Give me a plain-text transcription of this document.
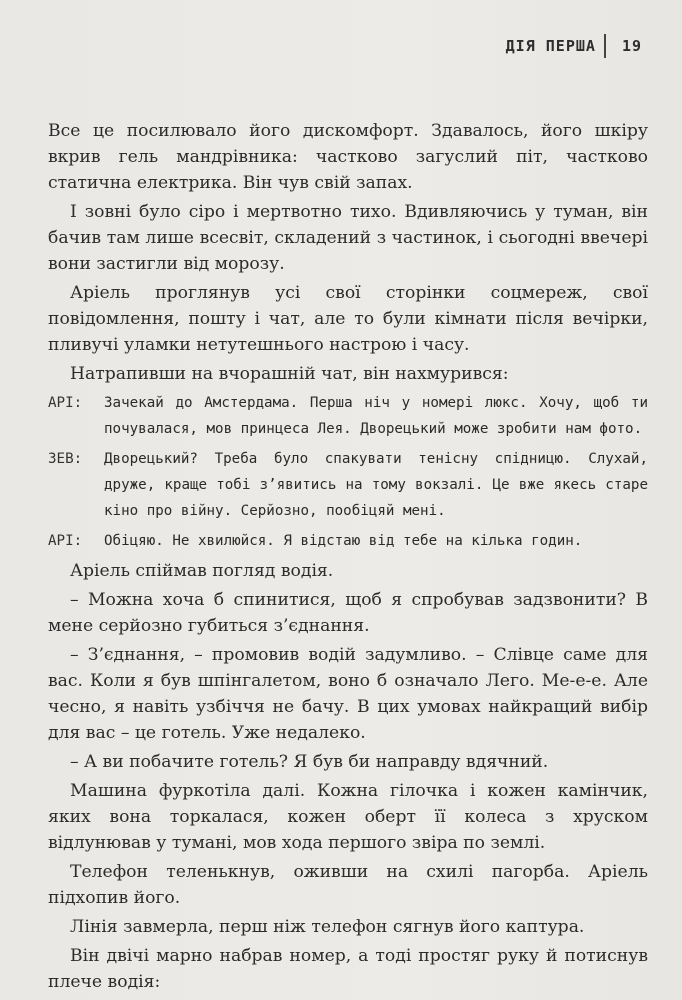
ДІЯ ПЕРША 19

Все це посилювало його дискомфорт. Здавалось, його шкіру вкрив гель мандрівника: частково загуслий піт, частково статична електрика. Він чув свій запах.

І зовні було сіро і мертвотно тихо. Вдивляючись у туман, він бачив там лише всесвіт, складений з частинок, і сьогодні ввечері вони застигли від морозу.

Аріель проглянув усі свої сторінки соцмереж, свої повідомлення, пошту і чат, але то були кімнати після вечірки, пливучі уламки нетутешнього настрою і часу.

Натрапивши на вчорашній чат, він нахмурився:

АРІ:	Зачекай до Амстердама. Перша ніч у номері люкс. Хочу, щоб ти почувалася, мов принцеса Лея. Дворецький може зробити нам фото.
ЗЕВ:	Дворецький? Треба було спакувати тенісну спідницю. Слухай, друже, краще тобі з’явитись на тому вокзалі. Це вже якесь старе кіно про війну. Серйозно, пообіцяй мені.
АРІ:	Обіцяю. Не хвилюйся. Я відстаю від тебе на кілька годин.

Аріель спіймав погляд водія.

– Можна хоча б спинитися, щоб я спробував задзвонити? В мене серйозно губиться з’єднання.

– З’єднання, – промовив водій задумливо. – Слівце саме для вас. Коли я був шпінгалетом, воно б означало Лего. Ме-е-е. Але чесно, я навіть узбіччя не бачу. В цих умовах найкращий вибір для вас – це готель. Уже недалеко.

– А ви побачите готель? Я був би направду вдячний.

Машина фуркотіла далі. Кожна гілочка і кожен камінчик, яких вона торкалася, кожен оберт її колеса з хруском відлунював у тумані, мов хода першого звіра по землі.

Телефон теленькнув, оживши на схилі пагорба. Аріель підхопив його.

Лінія завмерла, перш ніж телефон сягнув його каптура.

Він двічі марно набрав номер, а тоді простяг руку й потиснув плече водія:
